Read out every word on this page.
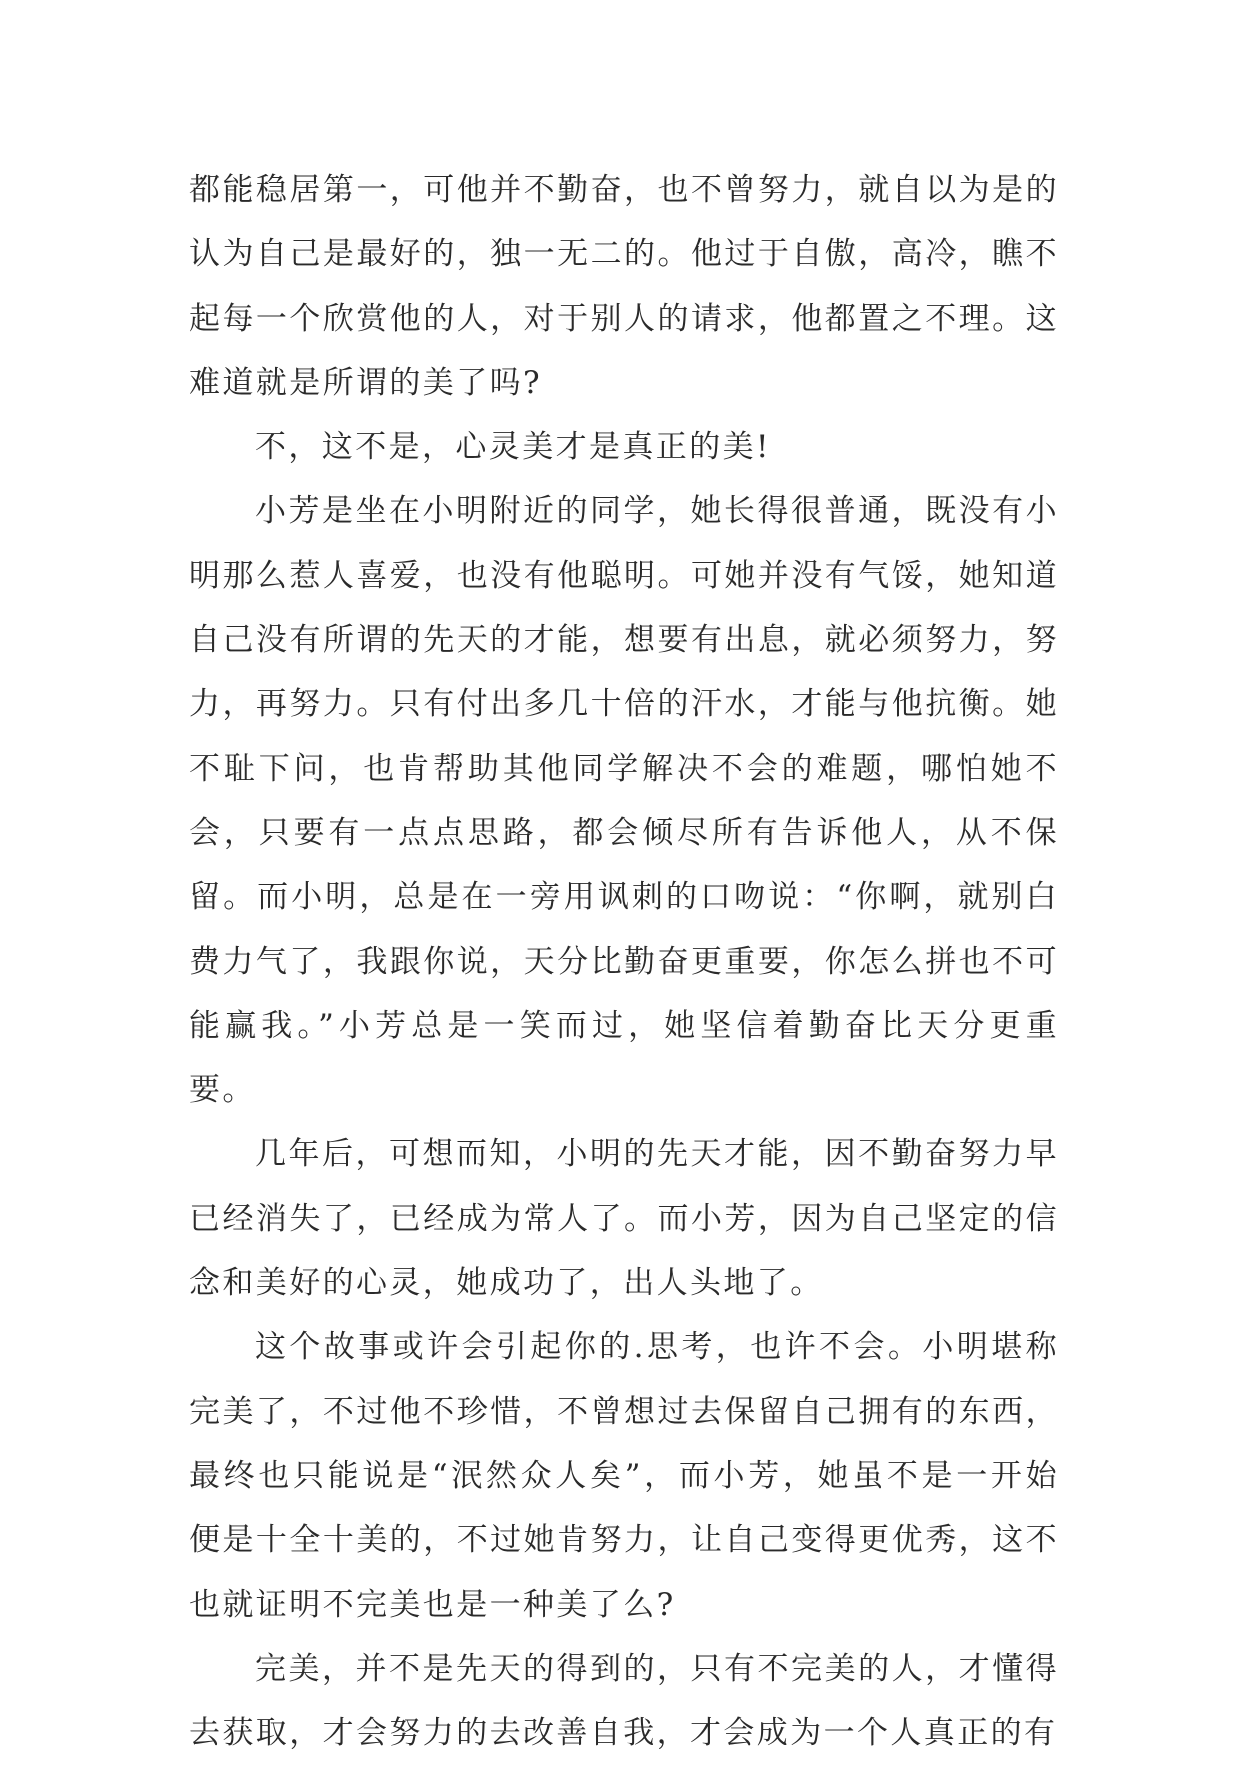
都能稳居第一，可他并不勤奋，也不曾努力，就自以为是的认为自己是最好的，独一无二的。他过于自傲，高冷，瞧不起每一个欣赏他的人，对于别人的请求，他都置之不理。这难道就是所谓的美了吗?

不，这不是，心灵美才是真正的美!

小芳是坐在小明附近的同学，她长得很普通，既没有小明那么惹人喜爱，也没有他聪明。可她并没有气馁，她知道自己没有所谓的先天的才能，想要有出息，就必须努力，努力，再努力。只有付出多几十倍的汗水，才能与他抗衡。她不耻下问，也肯帮助其他同学解决不会的难题，哪怕她不会，只要有一点点思路，都会倾尽所有告诉他人，从不保留。而小明，总是在一旁用讽刺的口吻说：“你啊，就别白费力气了，我跟你说，天分比勤奋更重要，你怎么拼也不可能赢我。”小芳总是一笑而过，她坚信着勤奋比天分更重要。

几年后，可想而知，小明的先天才能，因不勤奋努力早已经消失了，已经成为常人了。而小芳，因为自己坚定的信念和美好的心灵，她成功了，出人头地了。

这个故事或许会引起你的.思考，也许不会。小明堪称完美了，不过他不珍惜，不曾想过去保留自己拥有的东西，最终也只能说是“泯然众人矣”，而小芳，她虽不是一开始便是十全十美的，不过她肯努力，让自己变得更优秀，这不也就证明不完美也是一种美了么?

完美，并不是先天的得到的，只有不完美的人，才懂得去获取，才会努力的去改善自我，才会成为一个人真正的有
